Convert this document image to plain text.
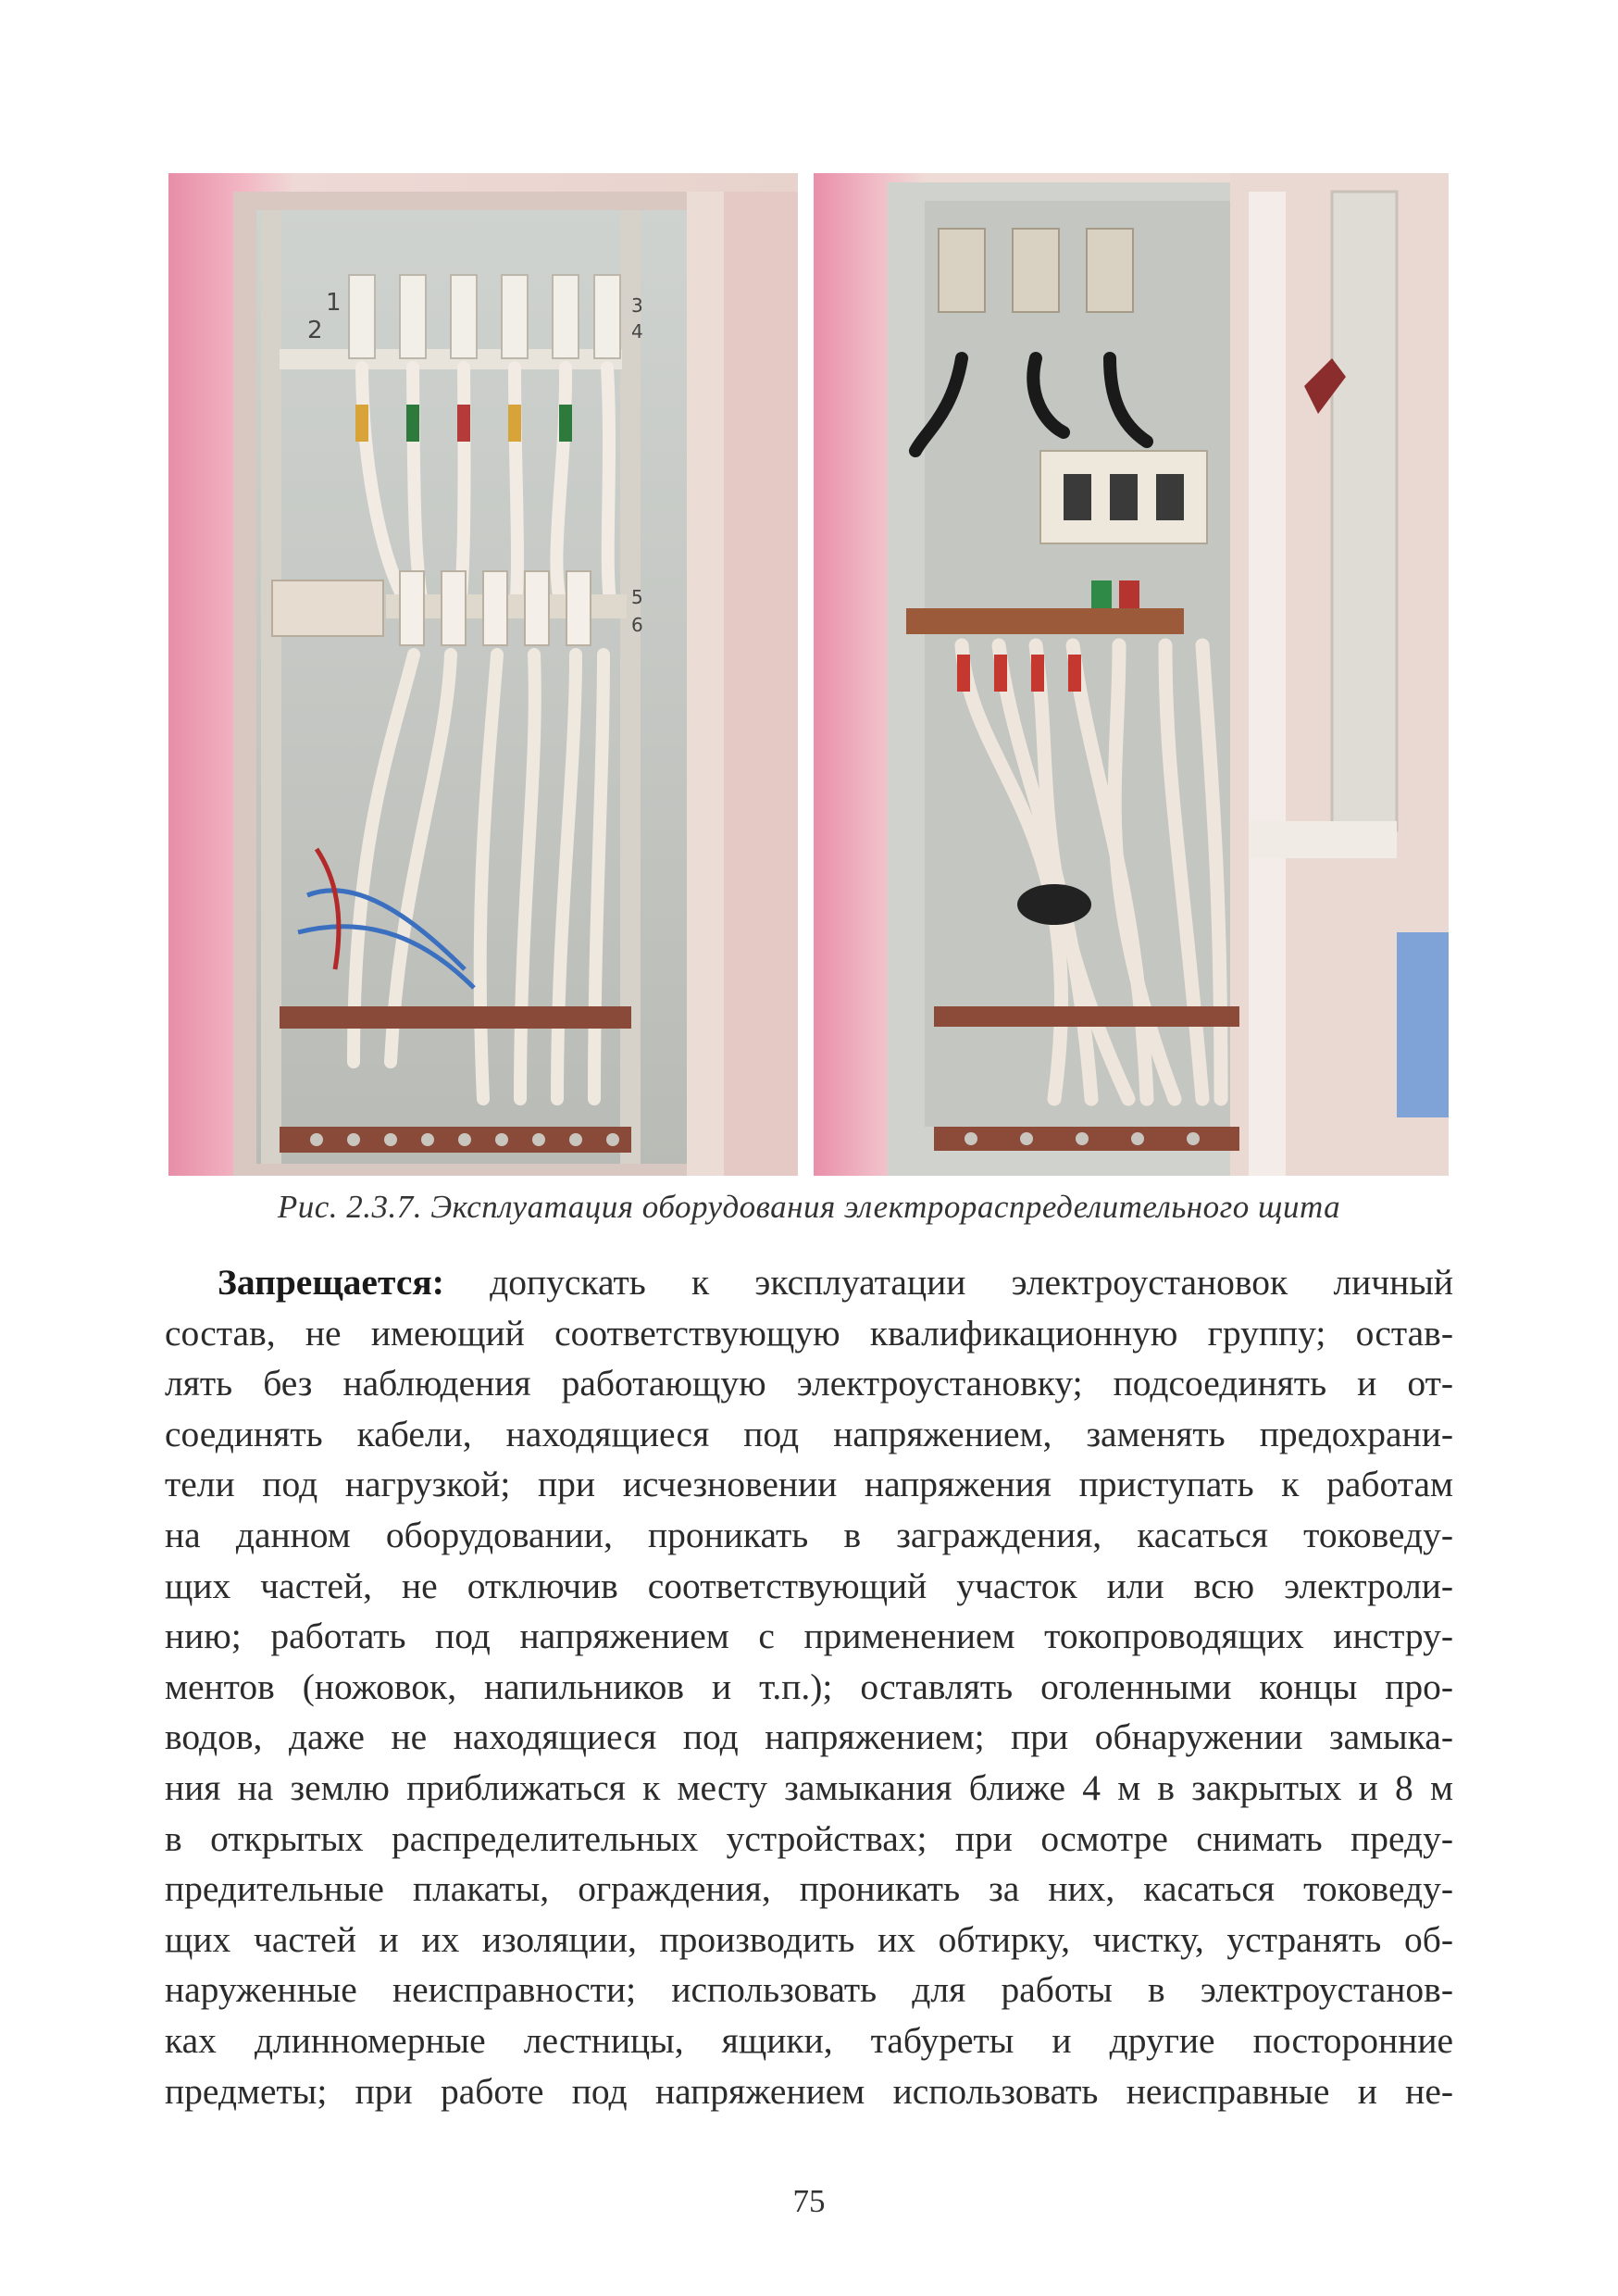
1
2
3
4
5
6
Рис. 2.3.7. Эксплуатация оборудования электрораспределительного щита
Запрещается: допускать к эксплуатации электроустановок личный
состав, не имеющий соответствующую квалификационную группу; остав-
лять без наблюдения работающую электроустановку; подсоединять и от-
соединять кабели, находящиеся под напряжением, заменять предохрани-
тели под нагрузкой; при исчезновении напряжения приступать к работам
на данном оборудовании, проникать в заграждения, касаться токоведу-
щих частей, не отключив соответствующий участок или всю электроли-
нию; работать под напряжением с применением токопроводящих инстру-
ментов (ножовок, напильников и т.п.); оставлять оголенными концы про-
водов, даже не находящиеся под напряжением; при обнаружении замыка-
ния на землю приближаться к месту замыкания ближе 4 м в закрытых и 8 м
в открытых распределительных устройствах; при осмотре снимать преду-
предительные плакаты, ограждения, проникать за них, касаться токоведу-
щих частей и их изоляции, производить их обтирку, чистку, устранять об-
наруженные неисправности; использовать для работы в электроустанов-
ках длинномерные лестницы, ящики, табуреты и другие посторонние
предметы; при работе под напряжением использовать неисправные и не-
75
